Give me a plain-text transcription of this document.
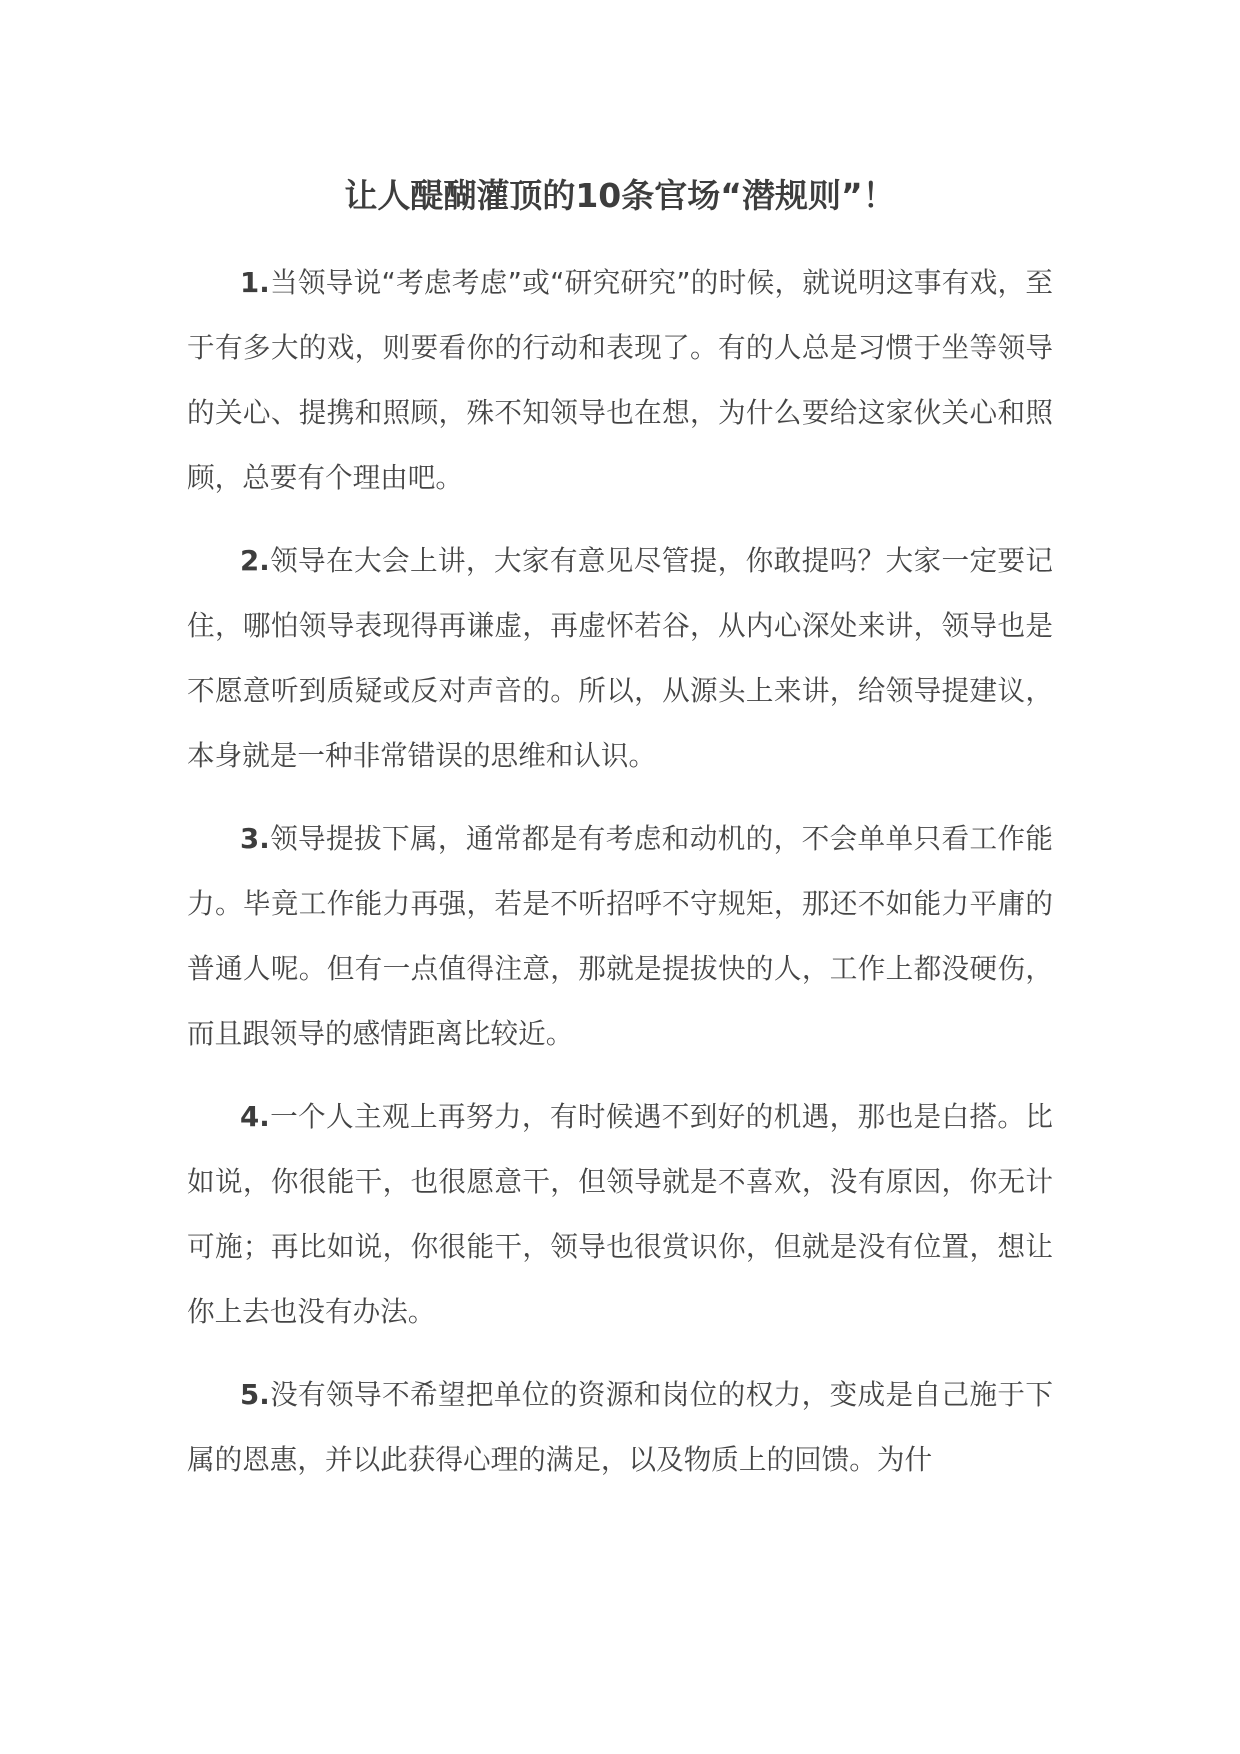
让人醍醐灌顶的10条官场“潜规则”！

1.当领导说“考虑考虑”或“研究研究”的时候，就说明这事有戏，至于有多大的戏，则要看你的行动和表现了。有的人总是习惯于坐等领导的关心、提携和照顾，殊不知领导也在想，为什么要给这家伙关心和照顾，总要有个理由吧。

2.领导在大会上讲，大家有意见尽管提，你敢提吗？大家一定要记住，哪怕领导表现得再谦虚，再虚怀若谷，从内心深处来讲，领导也是不愿意听到质疑或反对声音的。所以，从源头上来讲，给领导提建议，本身就是一种非常错误的思维和认识。

3.领导提拔下属，通常都是有考虑和动机的，不会单单只看工作能力。毕竟工作能力再强，若是不听招呼不守规矩，那还不如能力平庸的普通人呢。但有一点值得注意，那就是提拔快的人，工作上都没硬伤，而且跟领导的感情距离比较近。

4.一个人主观上再努力，有时候遇不到好的机遇，那也是白搭。比如说，你很能干，也很愿意干，但领导就是不喜欢，没有原因，你无计可施；再比如说，你很能干，领导也很赏识你，但就是没有位置，想让你上去也没有办法。

5.没有领导不希望把单位的资源和岗位的权力，变成是自己施于下属的恩惠，并以此获得心理的满足，以及物质上的回馈。为什
